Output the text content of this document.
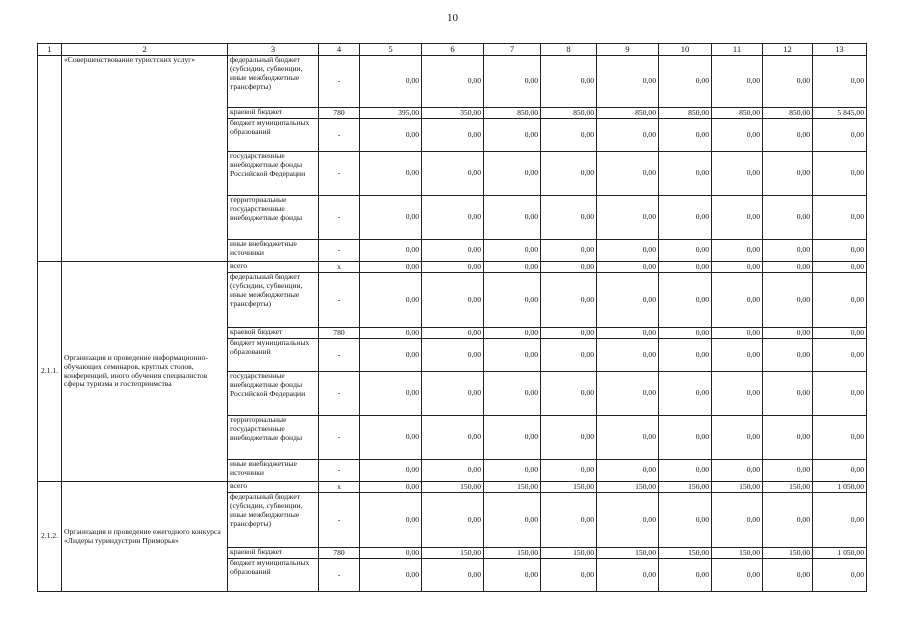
10
1	2	3	4	5	6	7	8	9	10	11	12	13
	«Совершенствование туристских услуг»	федеральный бюджет (субсидии, субвенции, иные межбюджетные трансферты)	-	0,00	0,00	0,00	0,00	0,00	0,00	0,00	0,00	0,00
		краевой бюджет	780	395,00	350,00	850,00	850,00	850,00	850,00	850,00	850,00	5 845,00
		бюджет муниципальных образований	-	0,00	0,00	0,00	0,00	0,00	0,00	0,00	0,00	0,00
		государственные внебюджетные фонды Российской Федерации	-	0,00	0,00	0,00	0,00	0,00	0,00	0,00	0,00	0,00
		территориальные государственные внебюджетные фонды	-	0,00	0,00	0,00	0,00	0,00	0,00	0,00	0,00	0,00
		иные внебюджетные источники	-	0,00	0,00	0,00	0,00	0,00	0,00	0,00	0,00	0,00
2.1.1.	Организация и проведение информационно-обучающих семинаров, круглых столов, конференций, иного обучения специалистов сферы туризма и гостеприимства	всего	x	0,00	0,00	0,00	0,00	0,00	0,00	0,00	0,00	0,00
		федеральный бюджет (субсидии, субвенции, иные межбюджетные трансферты)	-	0,00	0,00	0,00	0,00	0,00	0,00	0,00	0,00	0,00
		краевой бюджет	780	0,00	0,00	0,00	0,00	0,00	0,00	0,00	0,00	0,00
		бюджет муниципальных образований	-	0,00	0,00	0,00	0,00	0,00	0,00	0,00	0,00	0,00
		государственные внебюджетные фонды Российской Федерации	-	0,00	0,00	0,00	0,00	0,00	0,00	0,00	0,00	0,00
		территориальные государственные внебюджетные фонды	-	0,00	0,00	0,00	0,00	0,00	0,00	0,00	0,00	0,00
		иные внебюджетные источники	-	0,00	0,00	0,00	0,00	0,00	0,00	0,00	0,00	0,00
2.1.2.	Организация и проведение ежегодного конкурса «Лидеры туриндустрии Приморья»	всего	x	0,00	150,00	150,00	150,00	150,00	150,00	150,00	150,00	1 050,00
		федеральный бюджет (субсидии, субвенции, иные межбюджетные трансферты)	-	0,00	0,00	0,00	0,00	0,00	0,00	0,00	0,00	0,00
		краевой бюджет	780	0,00	150,00	150,00	150,00	150,00	150,00	150,00	150,00	1 050,00
		бюджет муниципальных образований	-	0,00	0,00	0,00	0,00	0,00	0,00	0,00	0,00	0,00
